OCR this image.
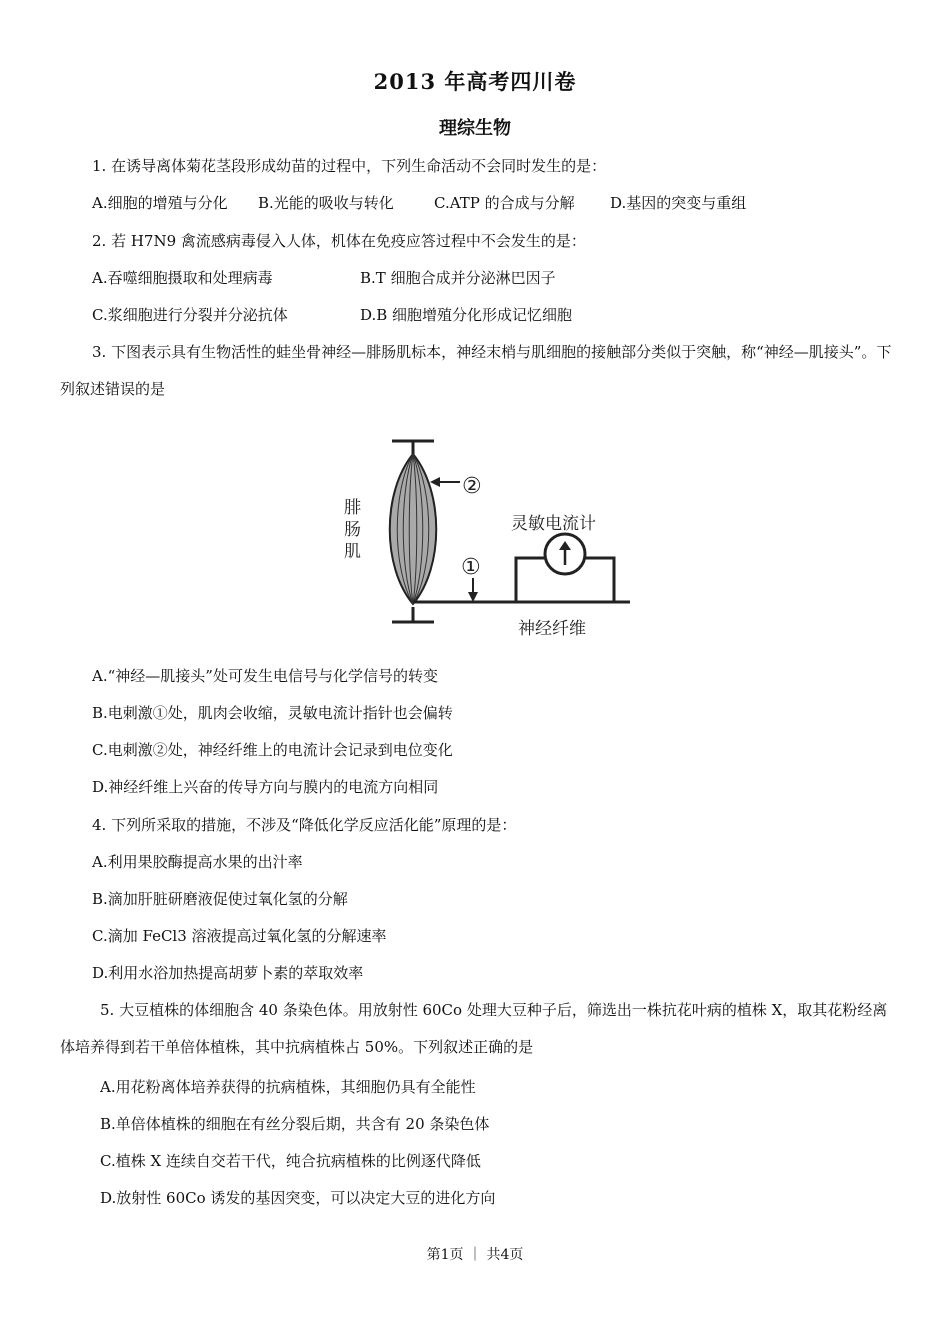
2013 年高考四川卷
理综生物
1. 在诱导离体菊花茎段形成幼苗的过程中，下列生命活动不会同时发生的是：
A.细胞的增殖与分化 B.光能的吸收与转化	C.ATP 的合成与分解 D.基因的突变与重组
2. 若 H7N9 禽流感病毒侵入人体，机体在免疫应答过程中不会发生的是：
A.吞噬细胞摄取和处理病毒	B.T 细胞合成并分泌淋巴因子
C.浆细胞进行分裂并分泌抗体	D.B 细胞增殖分化形成记忆细胞
3. 下图表示具有生物活性的蛙坐骨神经—腓肠肌标本，神经末梢与肌细胞的接触部分类似于突触，称“神经—肌接头”。下列叙述错误的是
②
①
灵敏电流计
腓
肠
肌
神经纤维
A.“神经—肌接头”处可发生电信号与化学信号的转变
B.电刺激①处，肌肉会收缩，灵敏电流计指针也会偏转
C.电刺激②处，神经纤维上的电流计会记录到电位变化
D.神经纤维上兴奋的传导方向与膜内的电流方向相同
4. 下列所采取的措施，不涉及“降低化学反应活化能”原理的是：
A.利用果胶酶提高水果的出汁率
B.滴加肝脏研磨液促使过氧化氢的分解
C.滴加 FeCl3 溶液提高过氧化氢的分解速率
D.利用水浴加热提高胡萝卜素的萃取效率
5. 大豆植株的体细胞含 40 条染色体。用放射性 60Co 处理大豆种子后，筛选出一株抗花叶病的植株 X，取其花粉经离体培养得到若干单倍体植株，其中抗病植株占 50%。下列叙述正确的是
A.用花粉离体培养获得的抗病植株，其细胞仍具有全能性
B.单倍体植株的细胞在有丝分裂后期，共含有 20 条染色体
C.植株 X 连续自交若干代，纯合抗病植株的比例逐代降低
D.放射性 60Co 诱发的基因突变，可以决定大豆的进化方向
第1页 ｜ 共4页
